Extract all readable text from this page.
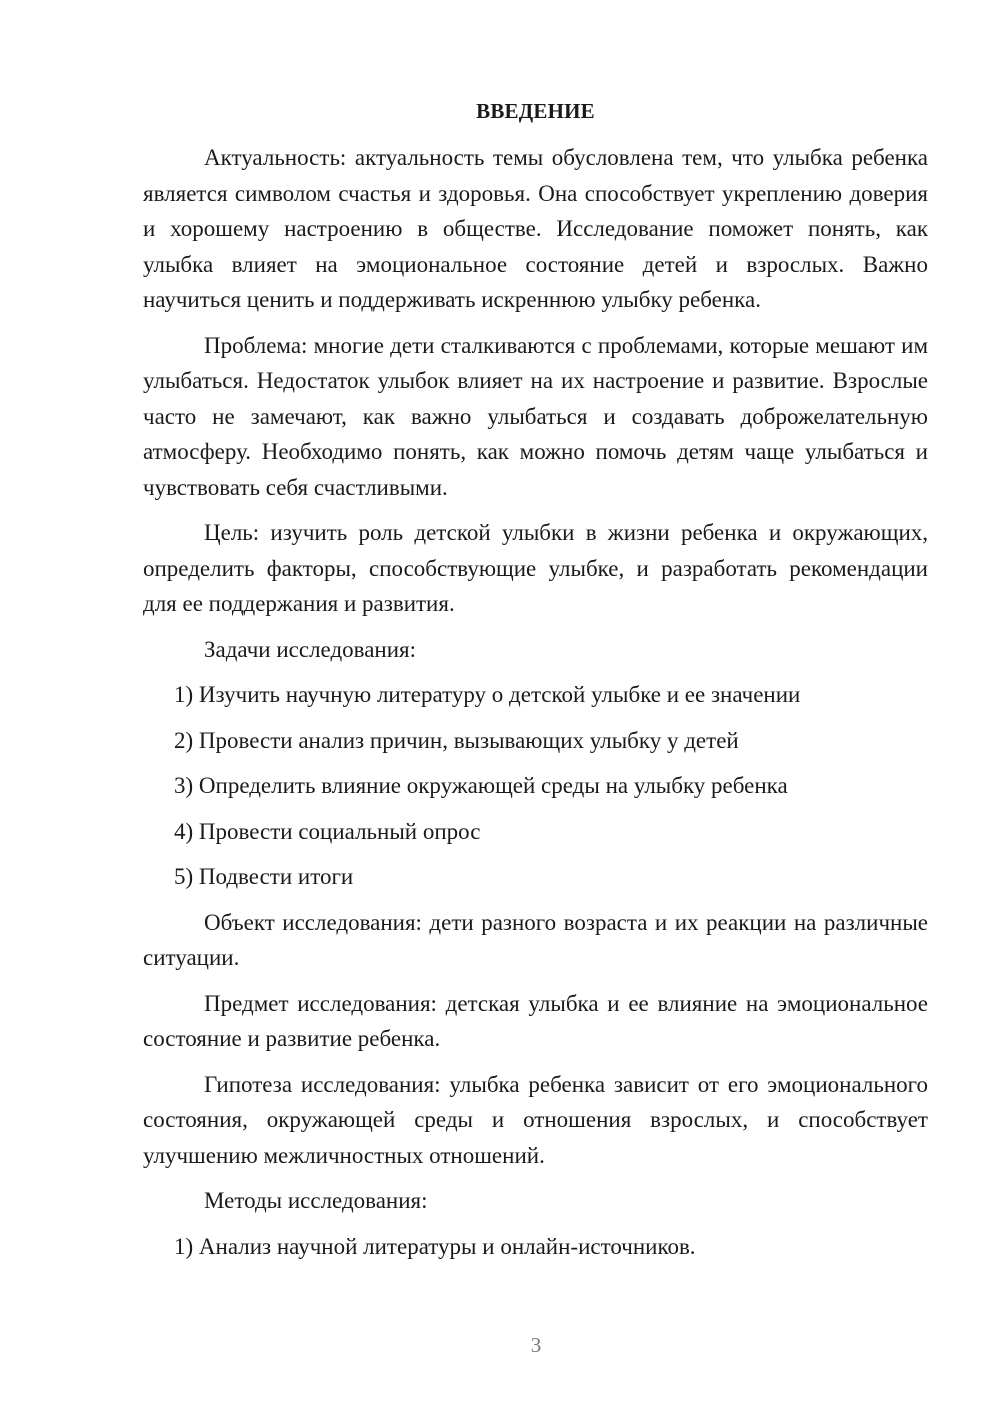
ВВЕДЕНИЕ

Актуальность: актуальность темы обусловлена тем, что улыбка ребенка является символом счастья и здоровья. Она способствует укреплению доверия и хорошему настроению в обществе. Исследование поможет понять, как улыбка влияет на эмоциональное состояние детей и взрослых. Важно научиться ценить и поддерживать искреннюю улыбку ребенка.

Проблема: многие дети сталкиваются с проблемами, которые мешают им улыбаться. Недостаток улыбок влияет на их настроение и развитие. Взрослые часто не замечают, как важно улыбаться и создавать доброжелательную атмосферу. Необходимо понять, как можно помочь детям чаще улыбаться и чувствовать себя счастливыми.

Цель: изучить роль детской улыбки в жизни ребенка и окружающих, определить факторы, способствующие улыбке, и разработать рекомендации для ее поддержания и развития.

Задачи исследования:

1) Изучить научную литературу о детской улыбке и ее значении
2) Провести анализ причин, вызывающих улыбку у детей
3) Определить влияние окружающей среды на улыбку ребенка
4) Провести социальный опрос
5) Подвести итоги

Объект исследования: дети разного возраста и их реакции на различные ситуации.

Предмет исследования: детская улыбка и ее влияние на эмоциональное состояние и развитие ребенка.

Гипотеза исследования: улыбка ребенка зависит от его эмоционального состояния, окружающей среды и отношения взрослых, и способствует улучшению межличностных отношений.

Методы исследования:

1) Анализ научной литературы и онлайн-источников.
3
